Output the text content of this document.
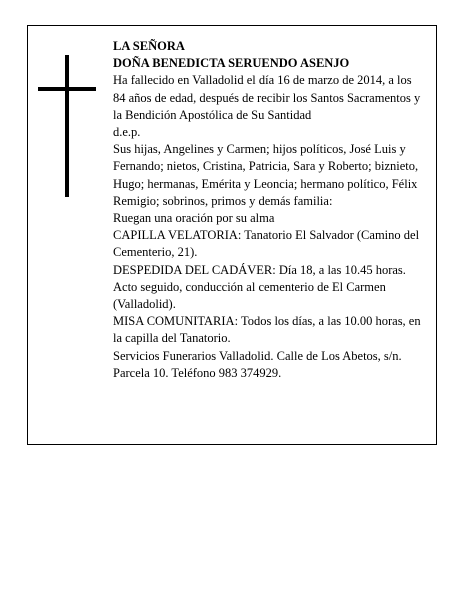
LA SEÑORA

DOÑA BENEDICTA SERUENDO ASENJO

Ha fallecido en Valladolid el día 16 de marzo de 2014, a los 84 años de edad, después de recibir los Santos Sacramentos y la Bendición Apostólica de Su Santidad

d.e.p.

Sus hijas, Angelines y Carmen; hijos políticos, José Luis y Fernando; nietos, Cristina, Patricia, Sara y Roberto; biznieto, Hugo; hermanas, Emérita y Leoncia; hermano político, Félix Remigio; sobrinos, primos y demás familia:

Ruegan una oración por su alma

CAPILLA VELATORIA: Tanatorio El Salvador (Camino del Cementerio, 21).

DESPEDIDA DEL CADÁVER: Día 18, a las 10.45 horas. Acto seguido, conducción al cementerio de El Carmen (Valladolid).

MISA COMUNITARIA: Todos los días, a las 10.00 horas, en la capilla del Tanatorio.

Servicios Funerarios Valladolid. Calle de Los Abetos, s/n. Parcela 10. Teléfono 983 374929.
